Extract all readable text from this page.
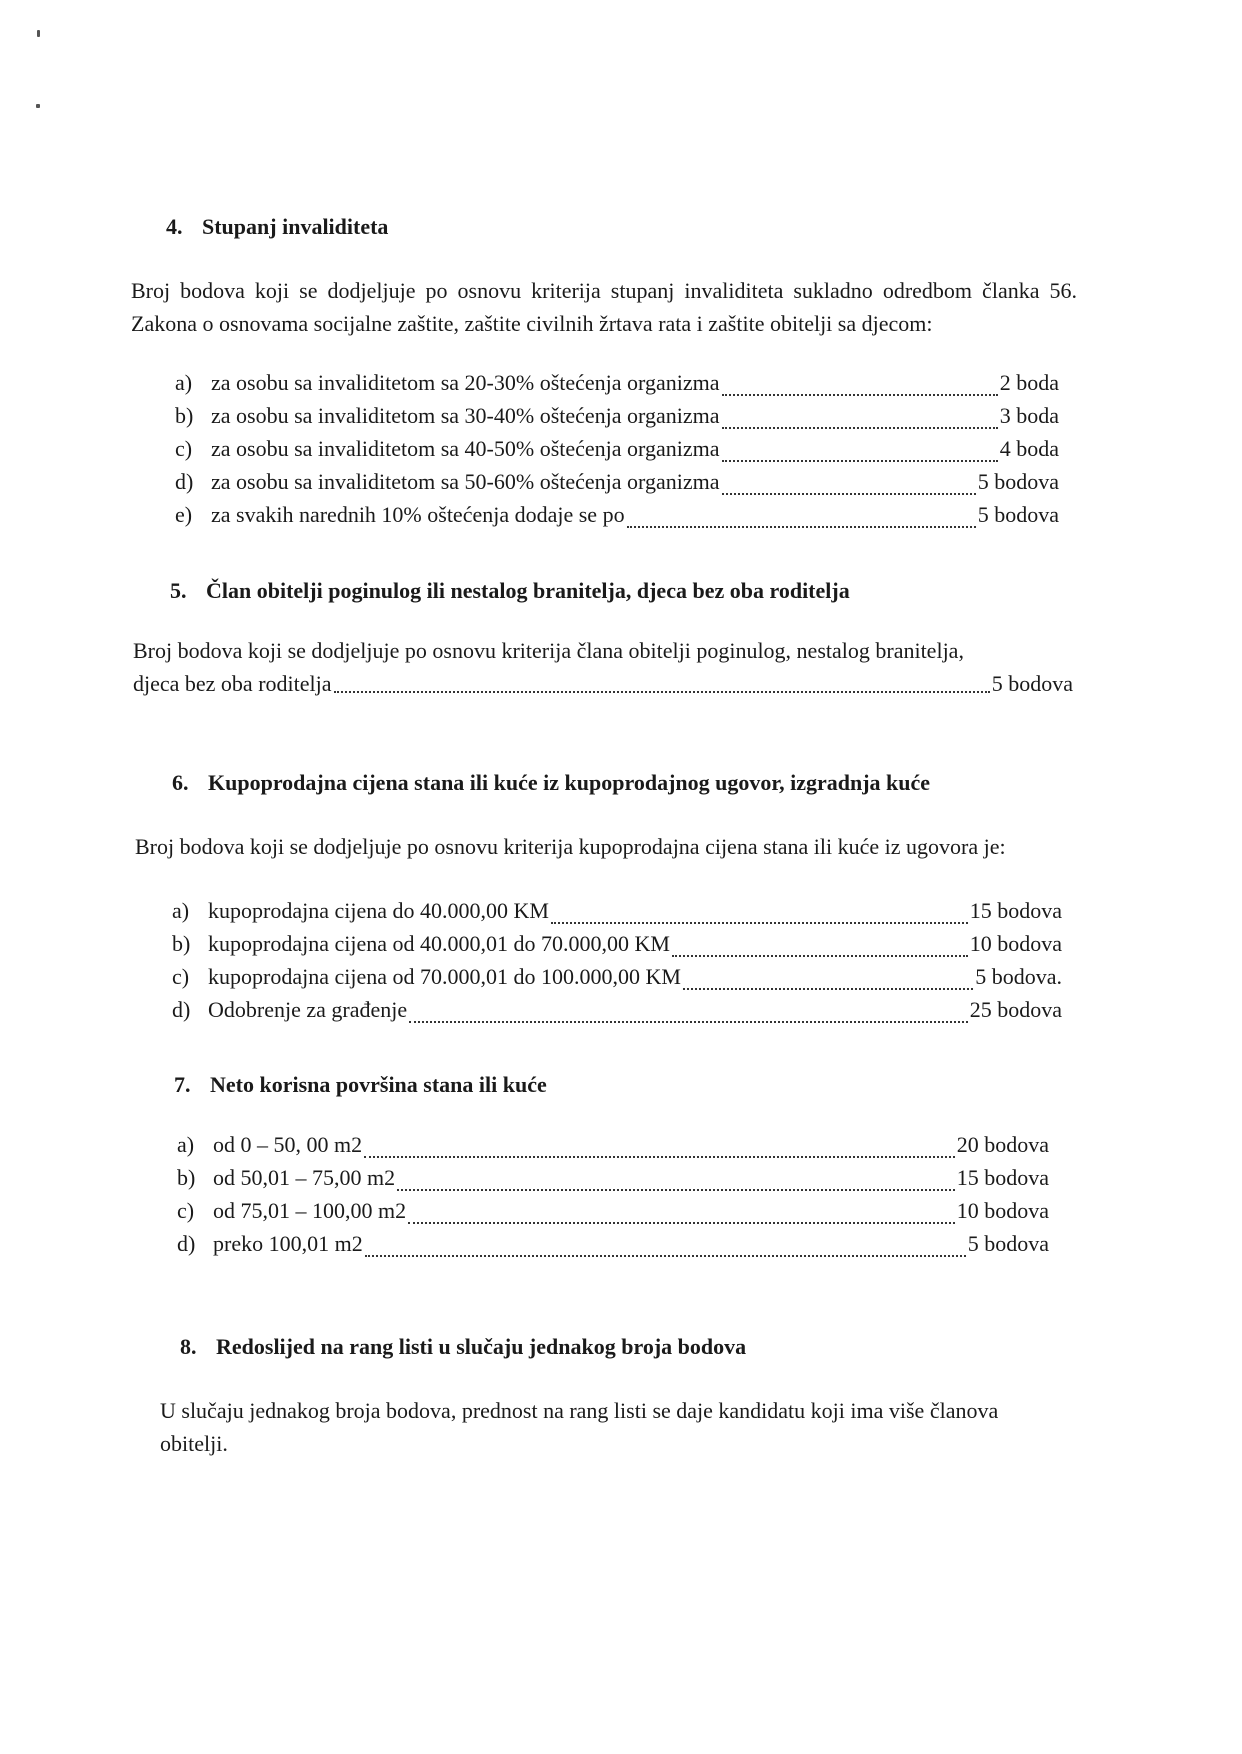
4. Stupanj invaliditeta
Broj bodova koji se dodjeljuje po osnovu kriterija stupanj invaliditeta sukladno odredbom članka 56. Zakona o osnovama socijalne zaštite, zaštite civilnih žrtava rata i zaštite obitelji sa djecom:
a) za osobu sa invaliditetom sa 20-30% oštećenja organizma	2 boda
b) za osobu sa invaliditetom sa 30-40% oštećenja organizma	3 boda
c) za osobu sa invaliditetom sa 40-50% oštećenja organizma	4 boda
d) za osobu sa invaliditetom sa 50-60% oštećenja organizma	5 bodova
e) za svakih narednih 10% oštećenja dodaje se po	5 bodova
5. Član obitelji poginulog ili nestalog branitelja, djeca bez oba roditelja
Broj bodova koji se dodjeljuje po osnovu kriterija člana obitelji poginulog, nestalog branitelja,
djeca bez oba roditelja	5 bodova
6. Kupoprodajna cijena stana ili kuće iz kupoprodajnog ugovor, izgradnja kuće
Broj bodova koji se dodjeljuje po osnovu kriterija kupoprodajna cijena stana ili kuće iz ugovora je:
a) kupoprodajna cijena do 40.000,00 KM	15 bodova
b) kupoprodajna cijena od 40.000,01 do 70.000,00 KM	10 bodova
c) kupoprodajna cijena od 70.000,01 do 100.000,00 KM	5 bodova.
d) Odobrenje za građenje	25 bodova
7. Neto korisna površina stana ili kuće
a) od 0 – 50, 00 m2	20 bodova
b) od 50,01 – 75,00 m2	15 bodova
c) od 75,01 – 100,00 m2	10 bodova
d) preko 100,01 m2	5 bodova
8. Redoslijed na rang listi u slučaju jednakog broja bodova
U slučaju jednakog broja bodova, prednost na rang listi se daje kandidatu koji ima više članova obitelji.
